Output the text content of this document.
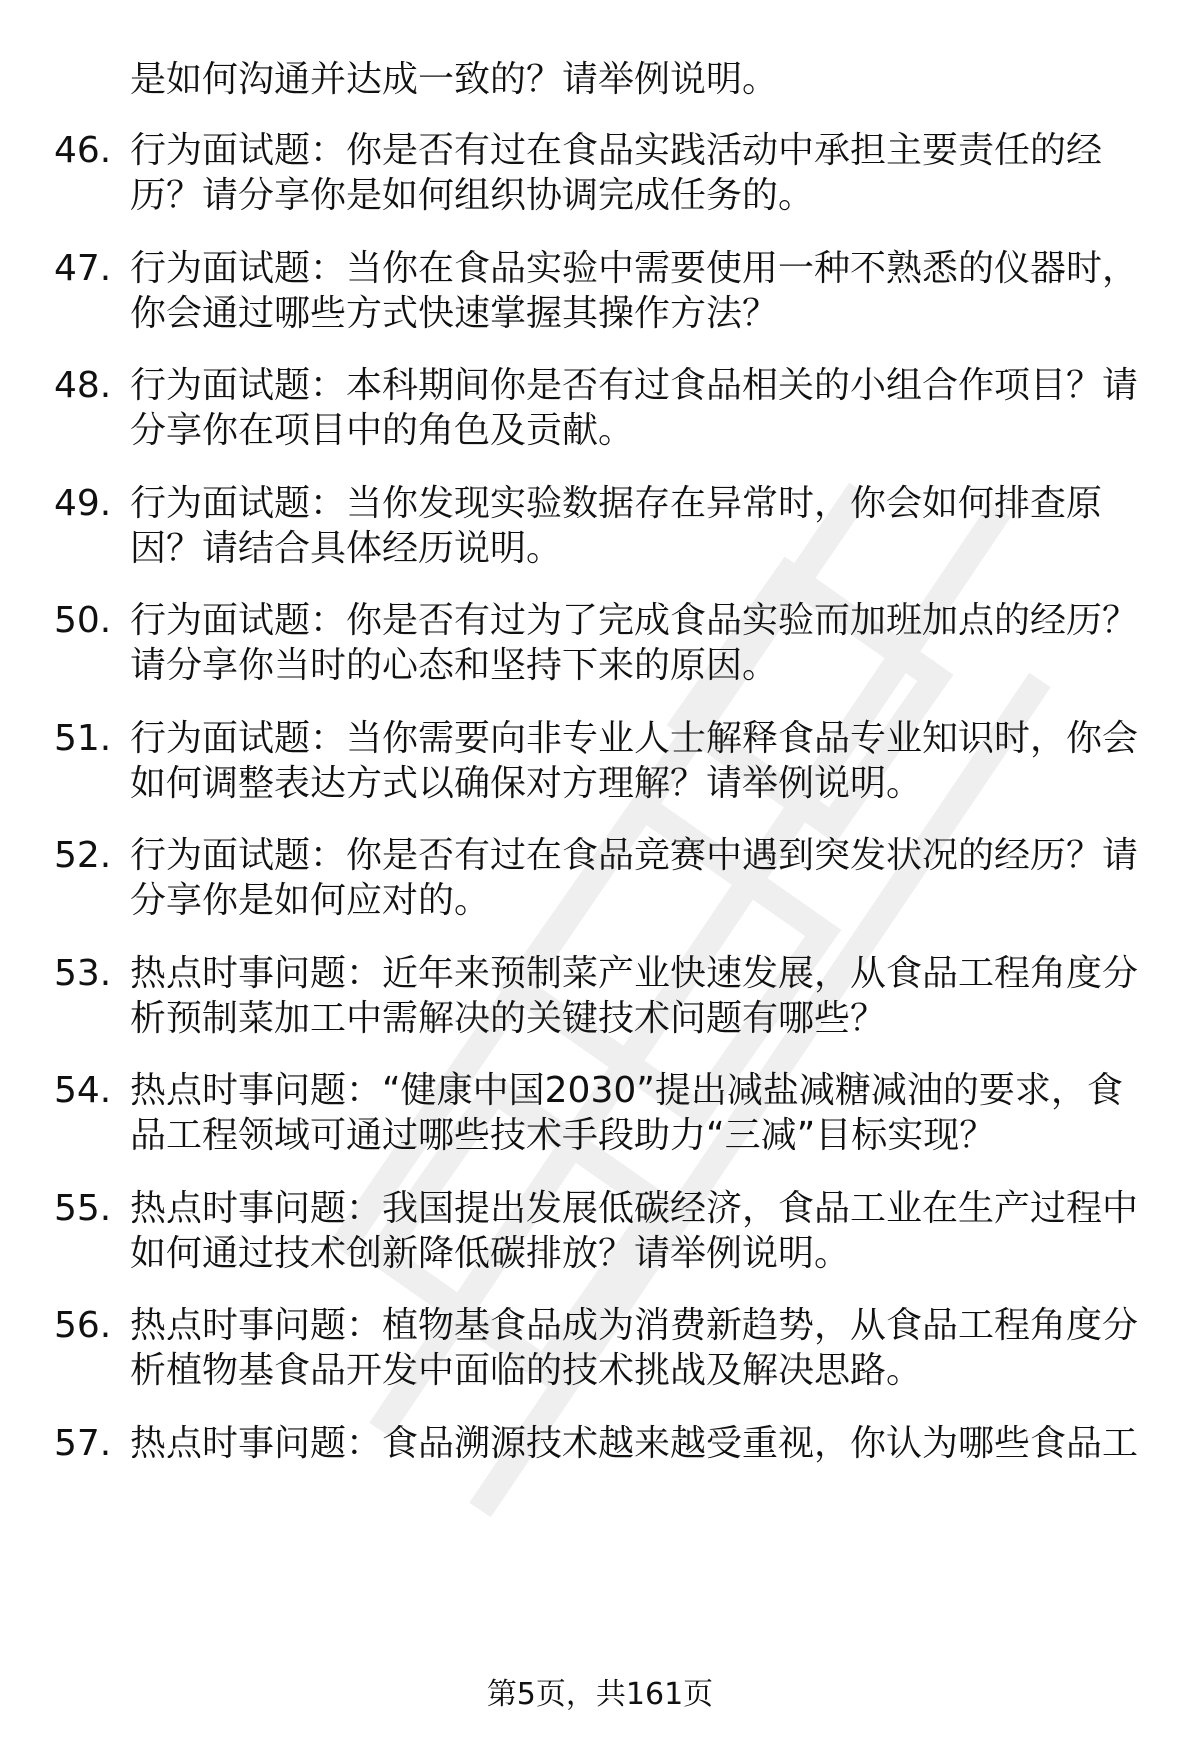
是如何沟通并达成一致的？请举例说明。
46. 行为面试题：你是否有过在食品实践活动中承担主要责任的经
历？请分享你是如何组织协调完成任务的。
47. 行为面试题：当你在食品实验中需要使用一种不熟悉的仪器时，
你会通过哪些方式快速掌握其操作方法？
48. 行为面试题：本科期间你是否有过食品相关的小组合作项目？请
分享你在项目中的角色及贡献。
49. 行为面试题：当你发现实验数据存在异常时，你会如何排查原
因？请结合具体经历说明。
50. 行为面试题：你是否有过为了完成食品实验而加班加点的经历？
请分享你当时的心态和坚持下来的原因。
51. 行为面试题：当你需要向非专业人士解释食品专业知识时，你会
如何调整表达方式以确保对方理解？请举例说明。
52. 行为面试题：你是否有过在食品竞赛中遇到突发状况的经历？请
分享你是如何应对的。
53. 热点时事问题：近年来预制菜产业快速发展，从食品工程角度分
析预制菜加工中需解决的关键技术问题有哪些？
54. 热点时事问题：“健康中国2030”提出减盐减糖减油的要求，食
品工程领域可通过哪些技术手段助力“三减”目标实现？
55. 热点时事问题：我国提出发展低碳经济，食品工业在生产过程中
如何通过技术创新降低碳排放？请举例说明。
56. 热点时事问题：植物基食品成为消费新趋势，从食品工程角度分
析植物基食品开发中面临的技术挑战及解决思路。
57. 热点时事问题：食品溯源技术越来越受重视，你认为哪些食品工
第5页，共161页
